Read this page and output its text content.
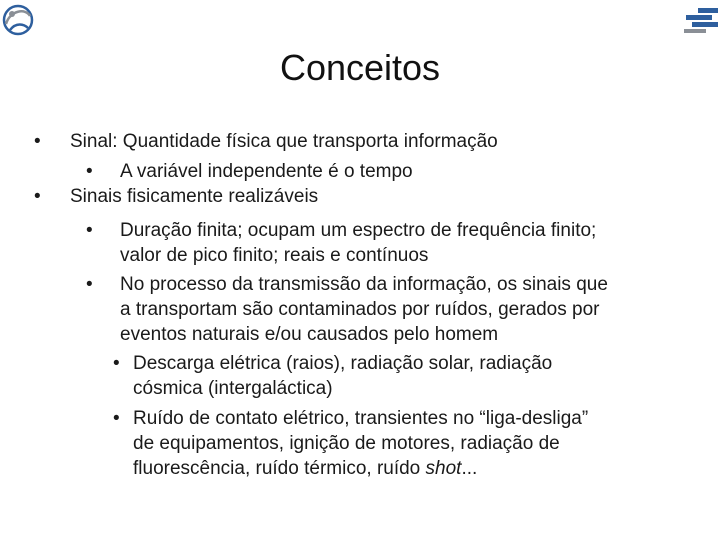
Conceitos
• Sinal: Quantidade física que transporta informação
• A variável independente é o tempo
• Sinais fisicamente realizáveis
• Duração finita; ocupam um espectro de frequência finito;
valor de pico finito; reais e contínuos
• No processo da transmissão da informação, os sinais que
a transportam são contaminados por ruídos, gerados por
eventos naturais e/ou causados pelo homem
• Descarga elétrica (raios), radiação solar, radiação
cósmica (intergaláctica)
• Ruído de contato elétrico, transientes no “liga-desliga”
de equipamentos, ignição de motores, radiação de
fluorescência, ruído térmico, ruído shot...
